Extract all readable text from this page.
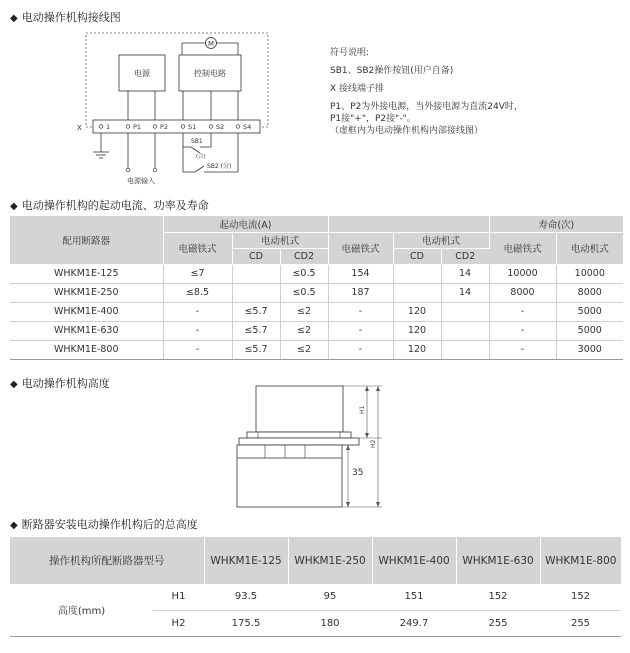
◆ 电动操作机构接线图
电源	控制电路
M
X	1	P1	P2	S1	S2	S4
电源输入
SB1
(合)
SB2 (分)
符号说明:
SB1、SB2操作按钮(用户自备)
X 接线端子排
P1、P2为外接电源，当外接电源为直流24V时，
P1接"+"，P2接"-"。
（虚框内为电动操作机构内部接线图）
◆ 电动操作机构的起动电流、功率及寿命
配用断路器	起动电流(A)						寿命(次)	
	电磁铁式	电动机式		电磁铁式	电动机式		电磁铁式	电动机式
		CD	CD2		CD	CD2		
WHKM1E-125	≤7		≤0.5	154		14	10000	10000
WHKM1E-250	≤8.5		≤0.5	187		14	8000	8000
WHKM1E-400	-	≤5.7	≤2	-	120		-	5000
WHKM1E-630	-	≤5.7	≤2	-	120		-	5000
WHKM1E-800	-	≤5.7	≤2	-	120		-	3000
◆ 电动操作机构高度
H1
H2
35
◆ 断路器安装电动操作机构后的总高度
操作机构所配断路器型号		WHKM1E-125	WHKM1E-250	WHKM1E-400	WHKM1E-630	WHKM1E-800
高度(mm)	H1	93.5	95	151	152	152
	H2	175.5	180	249.7	255	255
